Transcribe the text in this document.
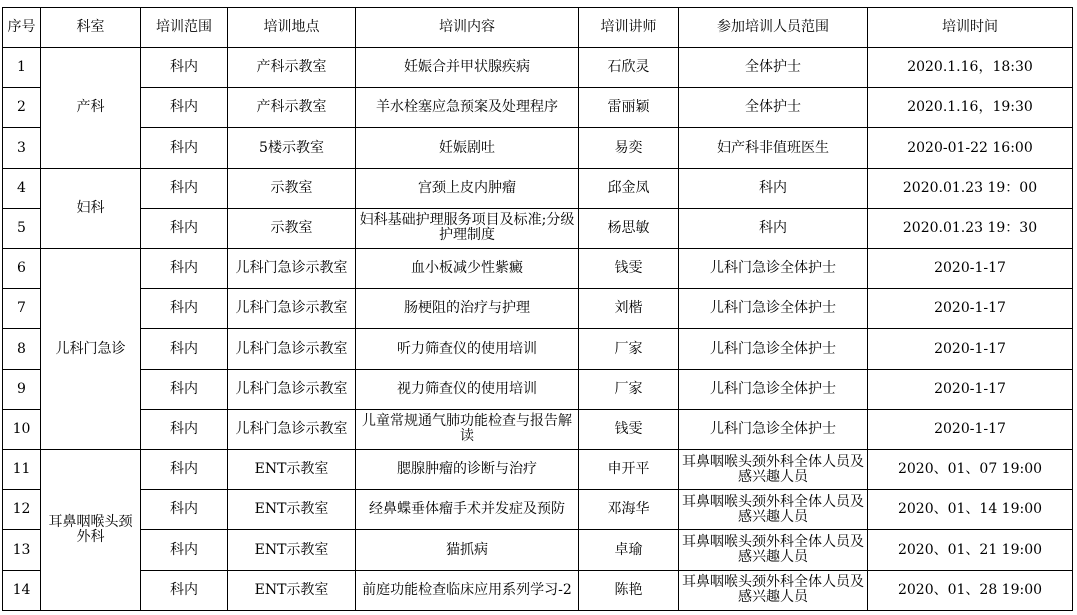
序号	科室	培训范围	培训地点	培训内容	培训讲师	参加培训人员范围	培训时间
1	产科	科内	产科示教室	妊娠合并甲状腺疾病	石欣灵	全体护士	2020.1.16，18:30
2		科内	产科示教室	羊水栓塞应急预案及处理程序	雷丽颖	全体护士	2020.1.16，19:30
3		科内	5楼示教室	妊娠剧吐	易奕	妇产科非值班医生	2020-01-22 16:00
4	妇科	科内	示教室	宫颈上皮内肿瘤	邱金凤	科内	2020.01.23 19：00
5		科内	示教室	妇科基础护理服务项目及标准;分级护理制度	杨思敏	科内	2020.01.23 19：30
6	儿科门急诊	科内	儿科门急诊示教室	血小板减少性紫癜	钱雯	儿科门急诊全体护士	2020-1-17
7		科内	儿科门急诊示教室	肠梗阻的治疗与护理	刘楷	儿科门急诊全体护士	2020-1-17
8		科内	儿科门急诊示教室	听力筛查仪的使用培训	厂家	儿科门急诊全体护士	2020-1-17
9		科内	儿科门急诊示教室	视力筛查仪的使用培训	厂家	儿科门急诊全体护士	2020-1-17
10		科内	儿科门急诊示教室	儿童常规通气肺功能检查与报告解读	钱雯	儿科门急诊全体护士	2020-1-17
11	耳鼻咽喉头颈外科	科内	ENT示教室	腮腺肿瘤的诊断与治疗	申开平	耳鼻咽喉头颈外科全体人员及感兴趣人员	2020、01、07 19:00
12		科内	ENT示教室	经鼻蝶垂体瘤手术并发症及预防	邓海华	耳鼻咽喉头颈外科全体人员及感兴趣人员	2020、01、14 19:00
13		科内	ENT示教室	猫抓病	卓瑜	耳鼻咽喉头颈外科全体人员及感兴趣人员	2020、01、21 19:00
14		科内	ENT示教室	前庭功能检查临床应用系列学习-2	陈艳	耳鼻咽喉头颈外科全体人员及感兴趣人员	2020、01、28 19:00
